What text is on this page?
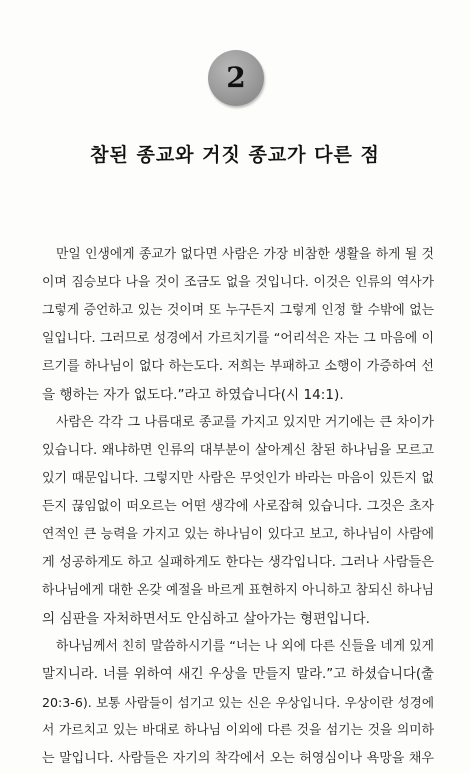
2
참된 종교와 거짓 종교가 다른 점
만일 인생에게 종교가 없다면 사람은 가장 비참한 생활을 하게 될 것
이며 짐승보다 나을 것이 조금도 없을 것입니다. 이것은 인류의 역사가
그렇게 증언하고 있는 것이며 또 누구든지 그렇게 인정 할 수밖에 없는
일입니다. 그러므로 성경에서 가르치기를 “어리석은 자는 그 마음에 이
르기를 하나님이 없다 하는도다. 저희는 부패하고 소행이 가증하여 선
을 행하는 자가 없도다.”라고 하였습니다(시 14:1).
사람은 각각 그 나름대로 종교를 가지고 있지만 거기에는 큰 차이가
있습니다. 왜냐하면 인류의 대부분이 살아계신 참된 하나님을 모르고
있기 때문입니다. 그렇지만 사람은 무엇인가 바라는 마음이 있든지 없
든지 끊임없이 떠오르는 어떤 생각에 사로잡혀 있습니다. 그것은 초자
연적인 큰 능력을 가지고 있는 하나님이 있다고 보고, 하나님이 사람에
게 성공하게도 하고 실패하게도 한다는 생각입니다. 그러나 사람들은
하나님에게 대한 온갖 예절을 바르게 표현하지 아니하고 참되신 하나님
의 심판을 자처하면서도 안심하고 살아가는 형편입니다.
하나님께서 친히 말씀하시기를 “너는 나 외에 다른 신들을 네게 있게
말지니라. 너를 위하여 새긴 우상을 만들지 말라.”고 하셨습니다(출
20:3-6). 보통 사람들이 섬기고 있는 신은 우상입니다. 우상이란 성경에
서 가르치고 있는 바대로 하나님 이외에 다른 것을 섬기는 것을 의미하
는 말입니다. 사람들은 자기의 착각에서 오는 허영심이나 욕망을 채우
